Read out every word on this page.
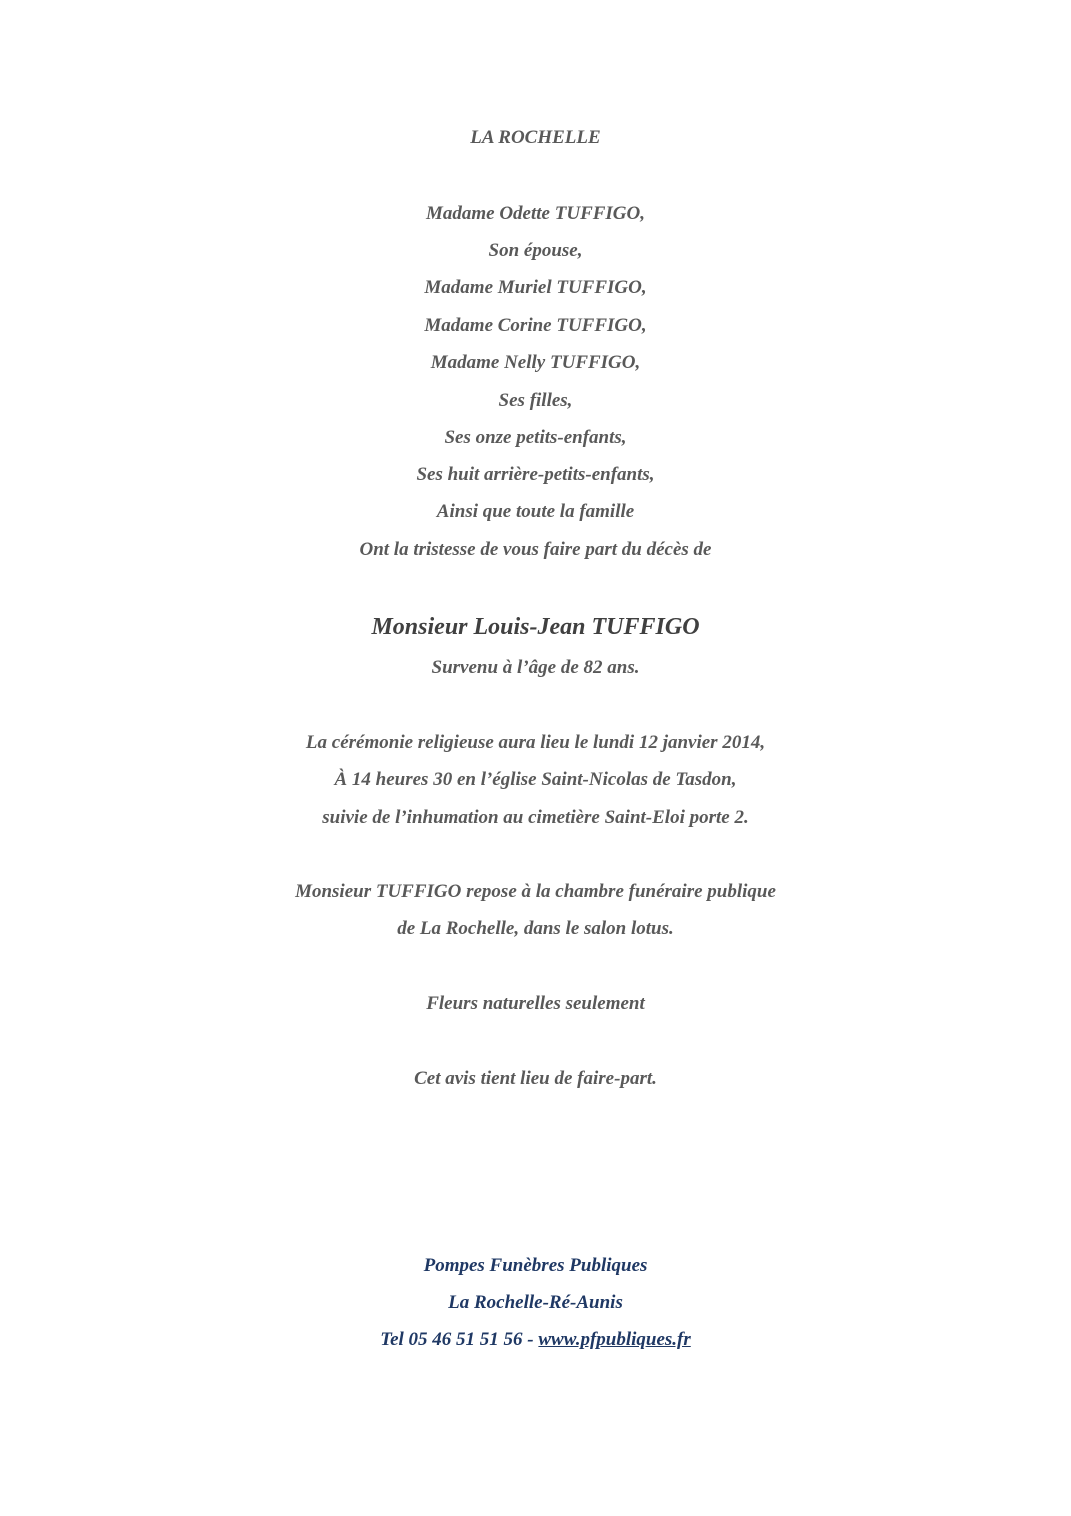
LA ROCHELLE
Madame Odette TUFFIGO,
Son épouse,
Madame Muriel TUFFIGO,
Madame Corine TUFFIGO,
Madame Nelly TUFFIGO,
Ses filles,
Ses onze petits-enfants,
Ses huit arrière-petits-enfants,
Ainsi que toute la famille
Ont la tristesse de vous faire part du décès de
Monsieur Louis-Jean TUFFIGO
Survenu à l’âge de 82 ans.
La cérémonie religieuse aura lieu le lundi 12 janvier 2014,
À 14 heures 30 en l’église Saint-Nicolas de Tasdon,
suivie de l’inhumation au cimetière Saint-Eloi porte 2.
Monsieur TUFFIGO repose à la chambre funéraire publique
de La Rochelle, dans le salon lotus.
Fleurs naturelles seulement
Cet avis tient lieu de faire-part.
Pompes Funèbres Publiques
La Rochelle-Ré-Aunis
Tel 05 46 51 51 56 - www.pfpubliques.fr
